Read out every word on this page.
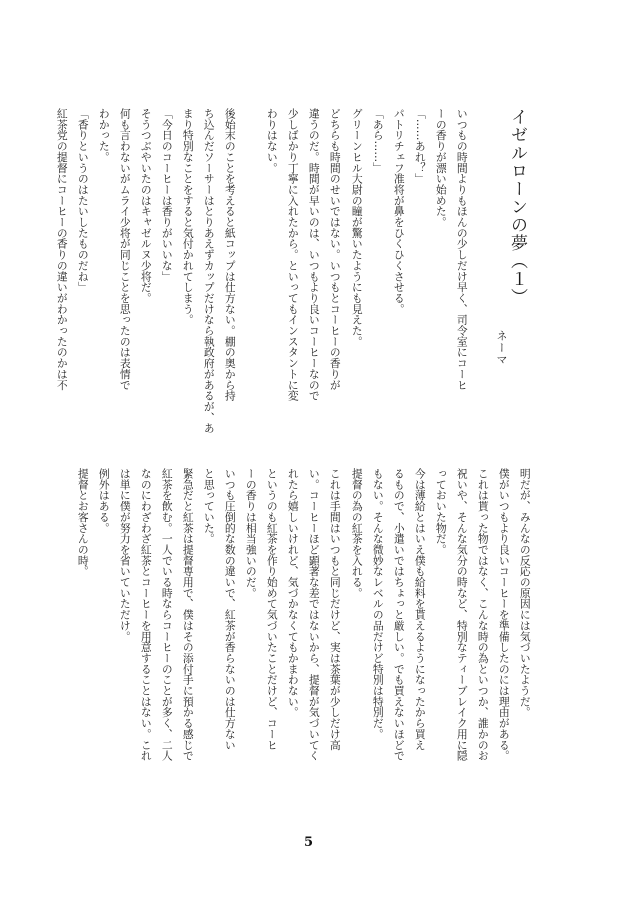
イゼルローンの夢（１）
ネーマ
いつもの時間よりもほんの少しだけ早く、司令室にコーヒ
ーの香りが漂い始めた。
「……あれ？」
パトリチェフ准将が鼻をひくひくさせる。
「あら……」
グリーンヒル大尉の瞳が驚いたようにも見えた。
どちらも時間のせいではない。いつもとコーヒーの香りが
違うのだ。時間が早いのは、いつもより良いコーヒーなので
少しばかり丁寧に入れたから。といってもインスタントに変
わりはない。
後始末のことを考えると紙コップは仕方ない。棚の奥から持
ち込んだソーサーはとりあえずカップだけなら執政府があるが、あ
まり特別なことをすると気付かれてしまう。
「今日のコーヒーは香りがいいな」
そうつぶやいたのはキャゼルヌ少将だ。
何も言わないがムライ少将が同じことを思ったのは表情で
わかった。
「香りというのはたいしたものだね」
紅茶党の提督にコーヒーの香りの違いがわかったのかは不
明だが、みんなの反応の原因には気づいたようだ。
僕がいつもより良いコーヒーを準備したのには理由がある。
これは貰った物ではなく、こんな時の為といつか、誰かのお
祝いや、そんな気分の時など、特別なティーブレイク用に隠
っておいた物だ。
今は薄給とはいえ僕も給料を貰えるようになったから買え
るもので、小遣いではちょっと厳しい。でも買えないほどで
もない。そんな微妙なレベルの品だけど特別は特別だ。
提督の為の紅茶を入れる。
これは手間はいつもと同じだけど、実は茶葉が少しだけ高
い。コーヒーほど顕著な差ではないから、提督が気づいてく
れたら嬉しいけれど、気づかなくてもかまわない。
というのも紅茶を作り始めて気づいたことだけど、コーヒ
ーの香りは相当強いのだ。
いつも圧倒的な数の違いで、紅茶が香らないのは仕方ない
と思っていた。
緊急だと紅茶は提督専用で、僕はその添付手に預かる感じで
紅茶を飲む。一人でいる時ならコーヒーのことが多く、二人
なのにわざわざ紅茶とコーヒーを用意することはない。これ
は単に僕が努力を省いていただけ。
例外はある。
提督とお客さんの時。
5
